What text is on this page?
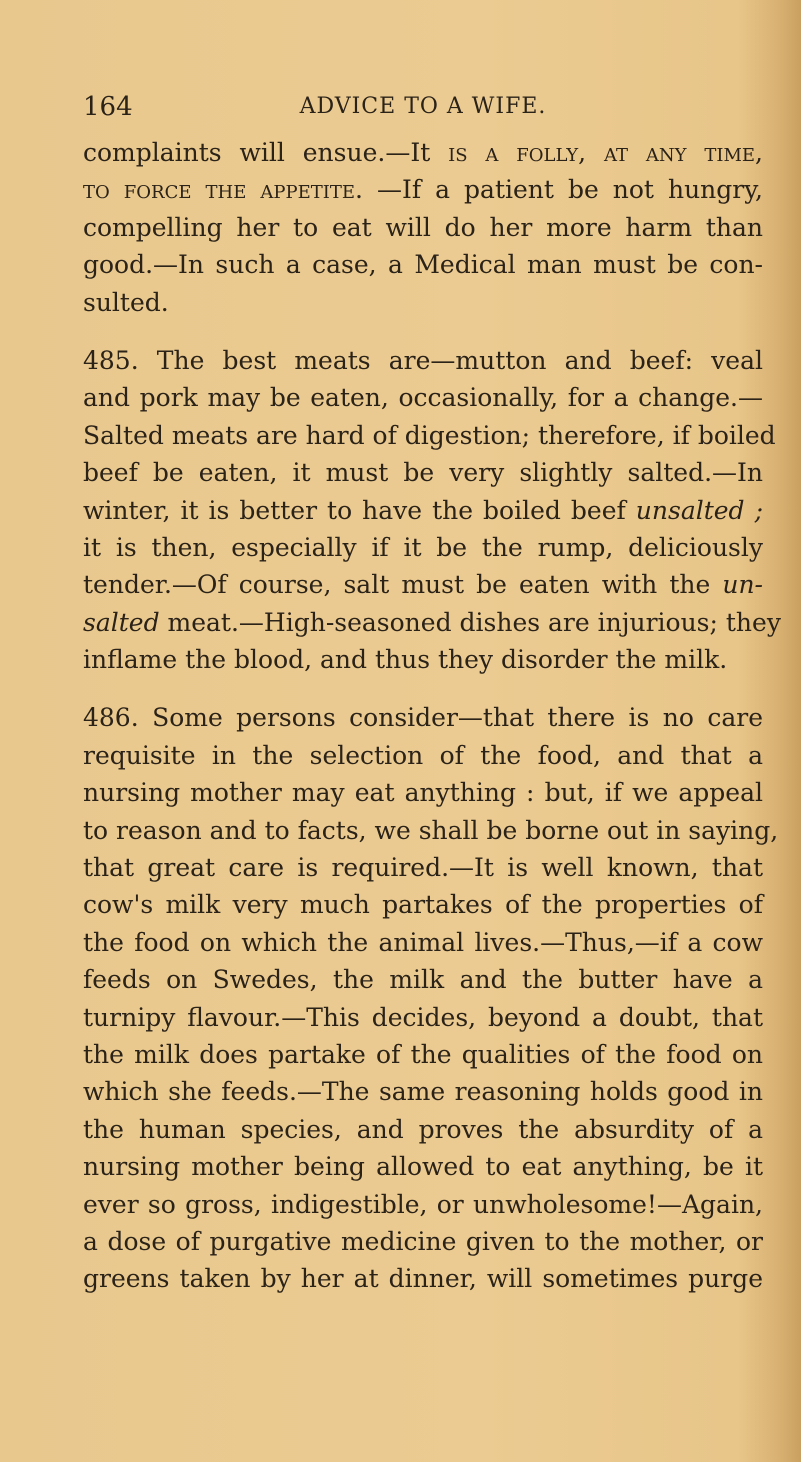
164	ADVICE TO A WIFE.
complaints will ensue.—It is a folly, at any time,
to force the appetite. —If a patient be not hungry,
compelling her to eat will do her more harm than
good.—In such a case, a Medical man must be con-
sulted.
485. The best meats are—mutton and beef: veal
and pork may be eaten, occasionally, for a change.—
Salted meats are hard of digestion; therefore, if boiled
beef be eaten, it must be very slightly salted.—In
winter, it is better to have the boiled beef unsalted ;
it is then, especially if it be the rump, deliciously
tender.—Of course, salt must be eaten with the un-
salted meat.—High-seasoned dishes are injurious; they
inflame the blood, and thus they disorder the milk.
486. Some persons consider—that there is no care
requisite in the selection of the food, and that a
nursing mother may eat anything : but, if we appeal
to reason and to facts, we shall be borne out in saying,
that great care is required.—It is well known, that
cow's milk very much partakes of the properties of
the food on which the animal lives.—Thus,—if a cow
feeds on Swedes, the milk and the butter have a
turnipy flavour.—This decides, beyond a doubt, that
the milk does partake of the qualities of the food on
which she feeds.—The same reasoning holds good in
the human species, and proves the absurdity of a
nursing mother being allowed to eat anything, be it
ever so gross, indigestible, or unwholesome!—Again,
a dose of purgative medicine given to the mother, or
greens taken by her at dinner, will sometimes purge
